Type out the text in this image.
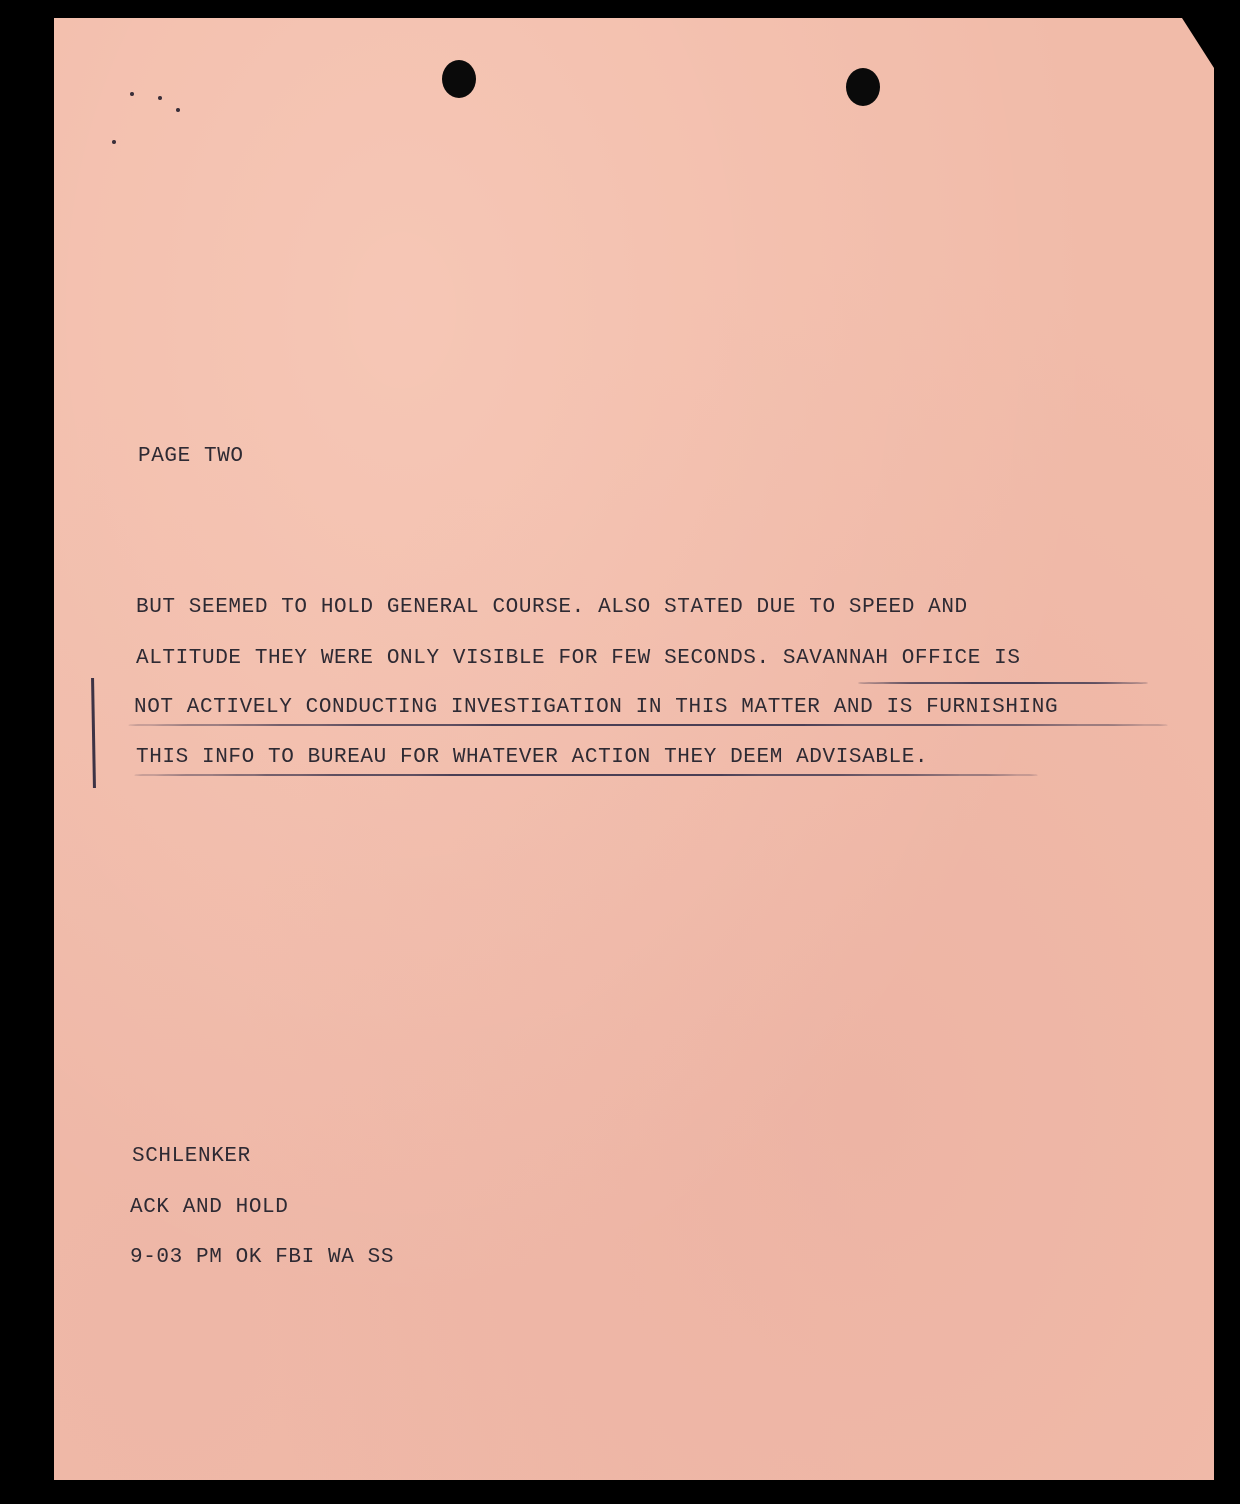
PAGE TWO

BUT SEEMED TO HOLD GENERAL COURSE. ALSO STATED DUE TO SPEED AND

ALTITUDE THEY WERE ONLY VISIBLE FOR FEW SECONDS. SAVANNAH OFFICE IS

NOT ACTIVELY CONDUCTING INVESTIGATION IN THIS MATTER AND IS FURNISHING

THIS INFO TO BUREAU FOR WHATEVER ACTION THEY DEEM ADVISABLE.

SCHLENKER

ACK AND HOLD

9-03 PM OK FBI WA SS
